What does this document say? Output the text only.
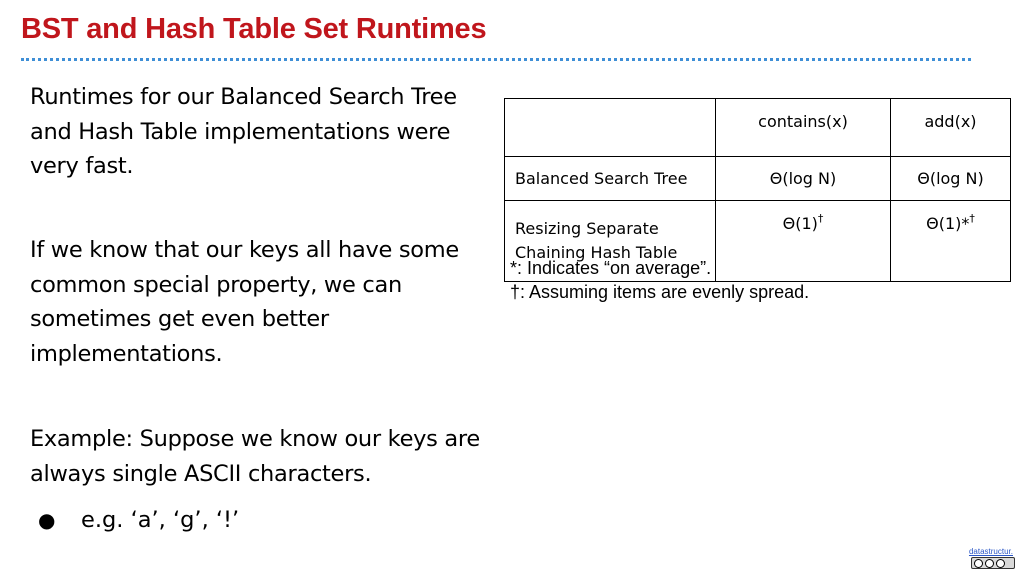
BST and Hash Table Set Runtimes
Runtimes for our Balanced Search Tree and Hash Table implementations were very fast.
If we know that our keys all have some common special property, we can sometimes get even better implementations.
Example: Suppose we know our keys are always single ASCII characters.
●	e.g. ‘a’, ‘g’, ‘!’
	contains(x)	add(x)
Balanced Search Tree	Θ(log N)	Θ(log N)
Resizing Separate
Chaining Hash Table	Θ(1)†	Θ(1)*†
*: Indicates “on average”.
†: Assuming items are evenly spread.
datastructur.
